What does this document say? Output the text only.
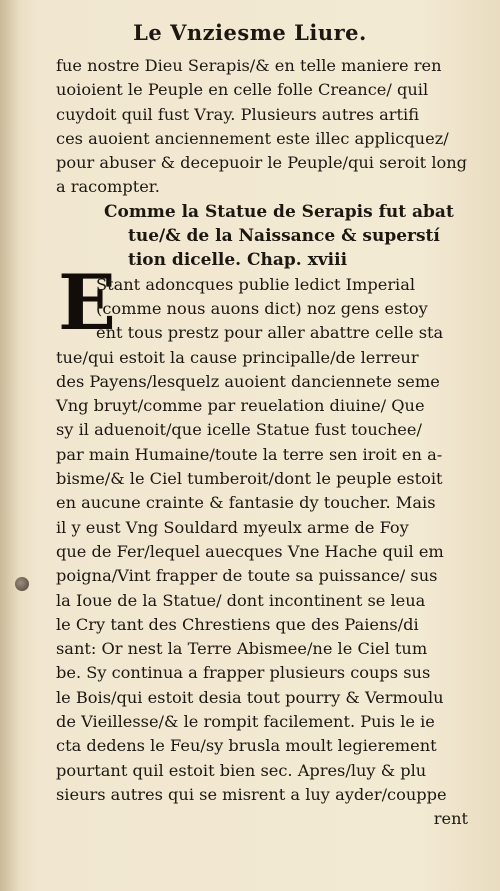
Le Vnziesme Liure.
E
fue nostre Dieu Serapis/& en telle maniere ren
uoioient le Peuple en celle folle Creance/ quil
cuydoit quil fust Vray. Plusieurs autres artifi
ces auoient anciennement este illec applicquez/
pour abuser & decepuoir le Peuple/qui seroit long
a racompter.
Comme la Statue de Serapis fut abat
tue/& de la Naissance & superstí
tion dicelle. Chap. xviii
Stant adoncques publie ledict Imperial
(comme nous auons dict) noz gens estoy
ent tous prestz pour aller abattre celle sta
tue/qui estoit la cause principalle/de lerreur
des Payens/lesquelz auoient danciennete seme
Vng bruyt/comme par reuelation diuine/ Que
sy il aduenoit/que icelle Statue fust touchee/
par main Humaine/toute la terre sen iroit en a-
bisme/& le Ciel tumberoit/dont le peuple estoit
en aucune crainte & fantasie dy toucher. Mais
il y eust Vng Souldard myeulx arme de Foy
que de Fer/lequel auecques Vne Hache quil em
poigna/Vint frapper de toute sa puissance/ sus
la Ioue de la Statue/ dont incontinent se leua
le Cry tant des Chrestiens que des Paiens/di
sant: Or nest la Terre Abismee/ne le Ciel tum
be. Sy continua a frapper plusieurs coups sus
le Bois/qui estoit desia tout pourry & Vermoulu
de Vieillesse/& le rompit facilement. Puis le ie
cta dedens le Feu/sy brusla moult legierement
pourtant quil estoit bien sec. Apres/luy & plu
sieurs autres qui se misrent a luy ayder/couppe
rent
